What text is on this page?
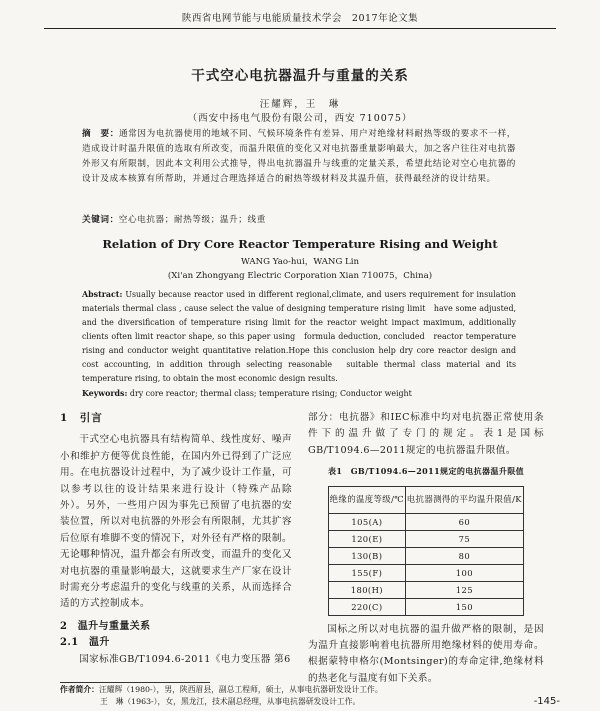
陕西省电网节能与电能质量技术学会　2017年论文集
干式空心电抗器温升与重量的关系
汪耀辉，王　琳
（西安中扬电气股份有限公司，西安 710075）
摘　要：通常因为电抗器使用的地域不同、气候环境条件有差异、用户对绝缘材料耐热等级的要求不一样，造成设计时温升限值的选取有所改变，而温升限值的变化又对电抗器重量影响最大，加之客户往往对电抗器外形又有所限制，因此本文利用公式推导，得出电抗器温升与线重的定量关系，希望此结论对空心电抗器的设计及成本核算有所帮助，并通过合理选择适合的耐热等级材料及其温升值，获得最经济的设计结果。
关键词：空心电抗器；耐热等级；温升；线重
Relation of Dry Core Reactor Temperature Rising and Weight
WANG Yao-hui，WANG Lin
(Xi'an Zhongyang Electric Corporation Xian 710075，China)
Abstract: Usually because reactor used in different regional,climate, and users requirement for insulation materials thermal class , cause select the value of designing temperature rising limit　have some adjusted, and the diversification of temperature rising limit for the reactor weight impact maximum, additionally　clients often limit reactor shape, so this paper using　formula deduction, concluded　reactor temperature rising and conductor weight quantitative relation.Hope this conclusion help dry core reactor design and cost accounting, in addition through selecting reasonable　suitable thermal class material and its temperature rising, to obtain the most economic design results.
Keywords: dry core reactor; thermal class; temperature rising; Conductor weight
1　引言
干式空心电抗器具有结构简单、线性度好、噪声小和维护方便等优良性能，在国内外已得到了广泛应用。在电抗器设计过程中，为了减少设计工作量，可以参考以往的设计结果来进行设计（特殊产品除外）。另外，一些用户因为事先已预留了电抗器的安装位置，所以对电抗器的外形会有所限制，尤其扩容后位原有堆脚不变的情况下，对外径有严格的限制。无论哪种情况，温升都会有所改变，而温升的变化又对电抗器的重量影响最大，这就要求生产厂家在设计时需充分考虑温升的变化与线重的关系，从而选择合适的方式控制成本。
2　温升与重量关系
2.1　温升
国家标准GB/T1094.6-2011《电力变压器 第6
部分：电抗器》和IEC标准中均对电抗器正常使用条件下的温升做了专门的规定。表1是国标GB/T1094.6—2011规定的电抗器温升限值。
表1　GB/T1094.6—2011规定的电抗器温升限值
绝缘的温度等级/℃	电抗器测得的平均温升限值/K
105(A)	60
120(E)	75
130(B)	80
155(F)	100
180(H)	125
220(C)	150
国标之所以对电抗器的温升做严格的限制，是因为温升直接影响着电抗器所用绝缘材料的使用寿命。根据蒙特申格尔(Montsinger)的寿命定律,绝缘材料的热老化与温度有如下关系。
作者简介：汪耀辉（1980-），男，陕西眉县，副总工程师，硕士，从事电抗器研发设计工作。
王　琳（1963-），女，黑龙江，技术副总经理，从事电抗器研发设计工作。	-145-
